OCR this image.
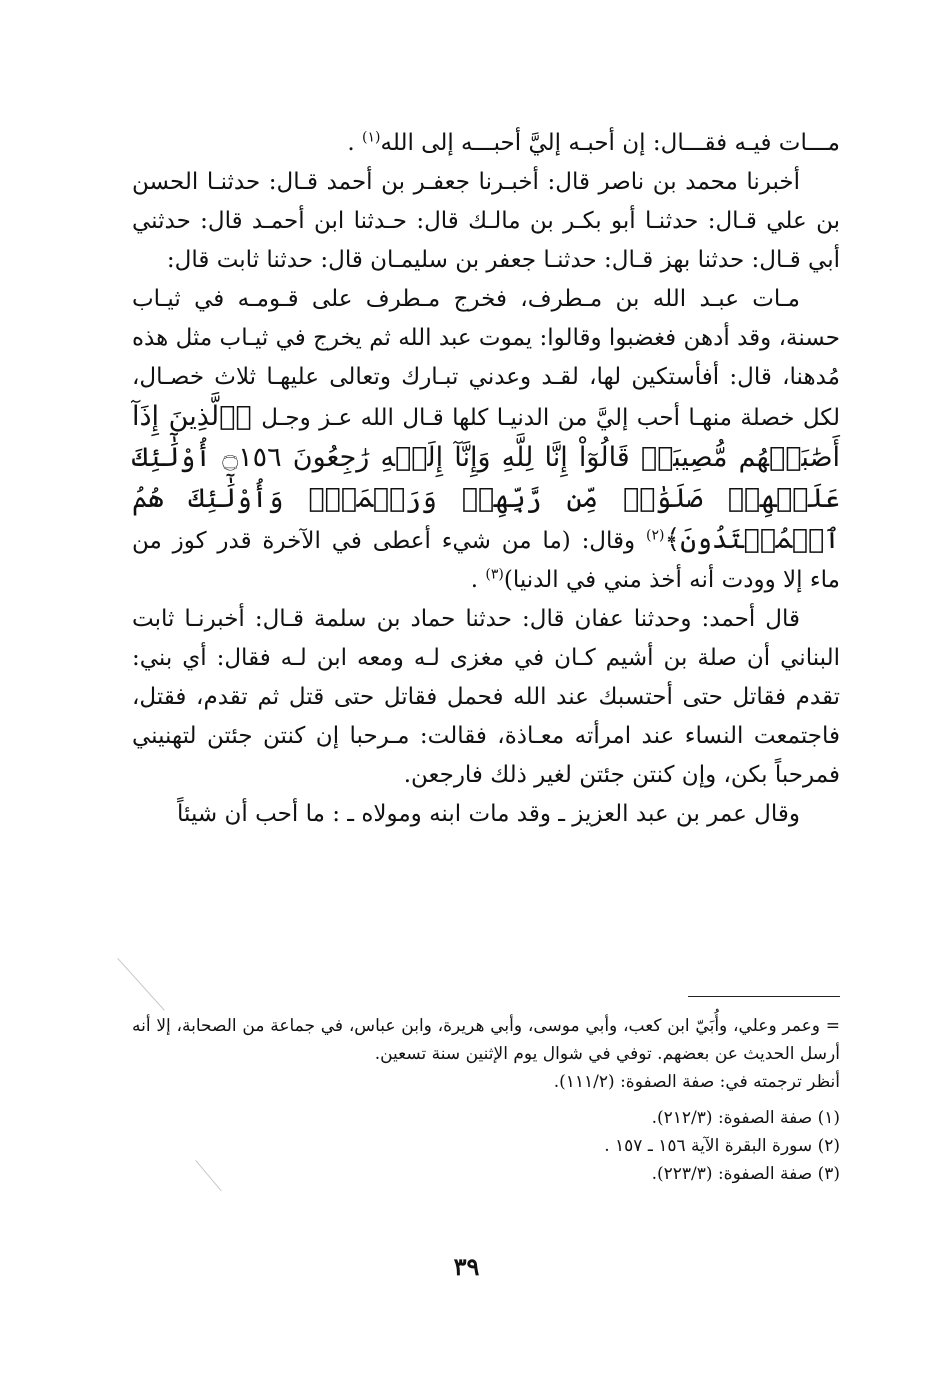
مـــات فيـه فقـــال: إن أحبـه إليَّ أحبـــه إلى الله$^{(١)}$ .

أخبرنا محمد بن ناصر قال: أخبـرنا جعفـر بن أحمد قـال: حدثنـا الحسن بن علي قـال: حدثنـا أبو بكـر بن مالـك قال: حـدثنا ابن أحمـد قال: حدثني أبي قـال: حدثنا بهز قـال: حدثنـا جعفر بن سليمـان قال: حدثنا ثابت قال:

مـات عبـد الله بن مـطرف، فخرج مـطرف على قـومـه في ثيـاب حسنة، وقد أدهن فغضبوا وقالوا: يموت عبد الله ثم يخرج في ثيـاب مثل هذه مُدهنا، قال: أفأستكين لها، لقـد وعدني تبـارك وتعالى عليهـا ثلاث خصـال، لكل خصلة منهـا أحب إليَّ من الدنيـا كلها قـال الله عـز وجـل ﴿ٱلَّذِينَ إِذَآ أَصَٰبَتۡهُم مُّصِيبَةٞ قَالُوٓاْ إِنَّا لِلَّهِ وَإِنَّآ إِلَيۡهِ رَٰجِعُونَ ۝١٥٦ أُوْلَٰٓئِكَ عَلَيۡهِمۡ صَلَوَٰتٞ مِّن رَّبِّهِمۡ وَرَحۡمَةٞۖ وَأُوْلَٰٓئِكَ هُمُ ٱلۡمُهۡتَدُونَ﴾$^{(٢)}$ وقال: (ما من شيء أعطى في الآخرة قدر كوز من ماء إلا وودت أنه أخذ مني في الدنيا)$^{(٣)}$ .

قال أحمد: وحدثنا عفان قال: حدثنا حماد بن سلمة قـال: أخبرنـا ثابت البناني أن صلة بن أشيم كـان في مغزى لـه ومعه ابن لـه فقال: أي بني: تقدم فقاتل حتى أحتسبك عند الله فحمل فقاتل حتى قتل ثم تقدم، فقتل، فاجتمعت النساء عند امرأته معـاذة، فقالت: مـرحبا إن كنتن جئتن لتهنيني فمرحباً بكن، وإن كنتن جئتن لغير ذلك فارجعن.

وقال عمر بن عبد العزيز ـ وقد مات ابنه ومولاه ـ : ما أحب أن شيئاً

= وعمر وعلي، وأُبَيّ ابن كعب، وأبي موسى، وأبي هريرة، وابن عباس، في جماعة من الصحابة، إلا أنه أرسل الحديث عن بعضهم. توفي في شوال يوم الإثنين سنة تسعين.

أنظر ترجمته في: صفة الصفوة: (١١١/٢).

(١) صفة الصفوة: (٢١٢/٣).

(٢) سورة البقرة الآية ١٥٦ ـ ١٥٧ .

(٣) صفة الصفوة: (٢٢٣/٣).

٣٩
